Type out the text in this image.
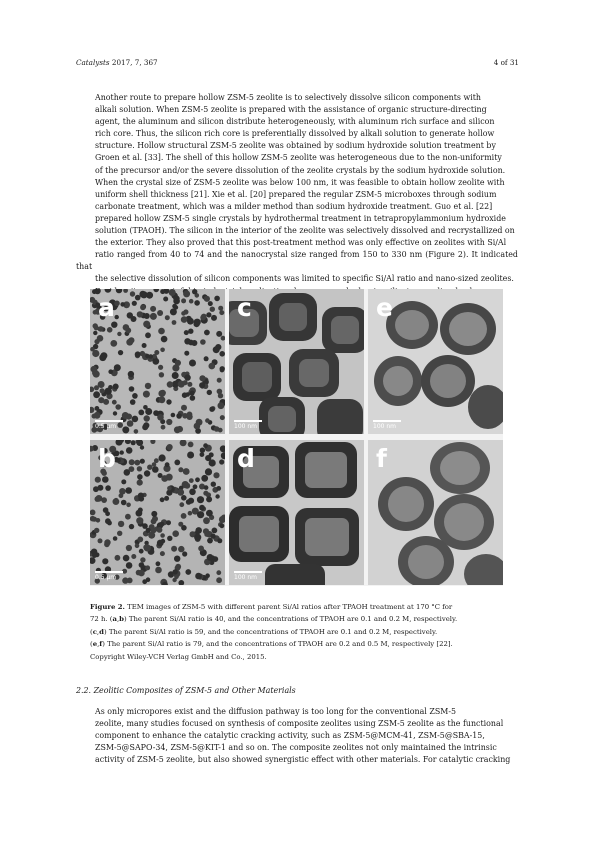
Catalysts 2017, 7, 367	4 of 31
Another route to prepare hollow ZSM-5 zeolite is to selectively dissolve silicon components with
alkali solution. When ZSM-5 zeolite is prepared with the assistance of organic structure-directing
agent, the aluminum and silicon distribute heterogeneously, with aluminum rich surface and silicon
rich core. Thus, the silicon rich core is preferentially dissolved by alkali solution to generate hollow
structure. Hollow structural ZSM-5 zeolite was obtained by sodium hydroxide solution treatment by
Groen et al. [33]. The shell of this hollow ZSM-5 zeolite was heterogeneous due to the non-uniformity
of the precursor and/or the severe dissolution of the zeolite crystals by the sodium hydroxide solution.
When the crystal size of ZSM-5 zeolite was below 100 nm, it was feasible to obtain hollow zeolite with
uniform shell thickness [21]. Xie et al. [20] prepared the regular ZSM-5 microboxes through sodium
carbonate treatment, which was a milder method than sodium hydroxide treatment. Guo et al. [22]
prepared hollow ZSM-5 single crystals by hydrothermal treatment in tetrapropylammonium hydroxide
solution (TPAOH). The silicon in the interior of the zeolite was selectively dissolved and recrystallized on
the exterior. They also proved that this post-treatment method was only effective on zeolites with Si/Al
ratio ranged from 40 to 74 and the nanocrystal size ranged from 150 to 330 nm (Figure 2). It indicated that
the selective dissolution of silicon components was limited to specific Si/Al ratio and nano-sized zeolites.
a
0.5 μm
c
100 nm
e
100 nm
b
0.5 μm
d
100 nm
f
Figure 2. TEM images of ZSM-5 with different parent Si/Al ratios after TPAOH treatment at 170 °C for
72 h. (a,b) The parent Si/Al ratio is 40, and the concentrations of TPAOH are 0.1 and 0.2 M, respectively.
(c,d) The parent Si/Al ratio is 59, and the concentrations of TPAOH are 0.1 and 0.2 M, respectively.
(e,f) The parent Si/Al ratio is 79, and the concentrations of TPAOH are 0.2 and 0.5 M, respectively [22].
Copyright Wiley-VCH Verlag GmbH and Co., 2015.
2.2. Zeolitic Composites of ZSM-5 and Other Materials
As only micropores exist and the diffusion pathway is too long for the conventional ZSM-5
zeolite, many studies focused on synthesis of composite zeolites using ZSM-5 zeolite as the functional
component to enhance the catalytic cracking activity, such as ZSM-5@MCM-41, ZSM-5@SBA-15,
ZSM-5@SAPO-34, ZSM-5@KIT-1 and so on. The composite zeolites not only maintained the intrinsic
activity of ZSM-5 zeolite, but also showed synergistic effect with other materials. For catalytic cracking
